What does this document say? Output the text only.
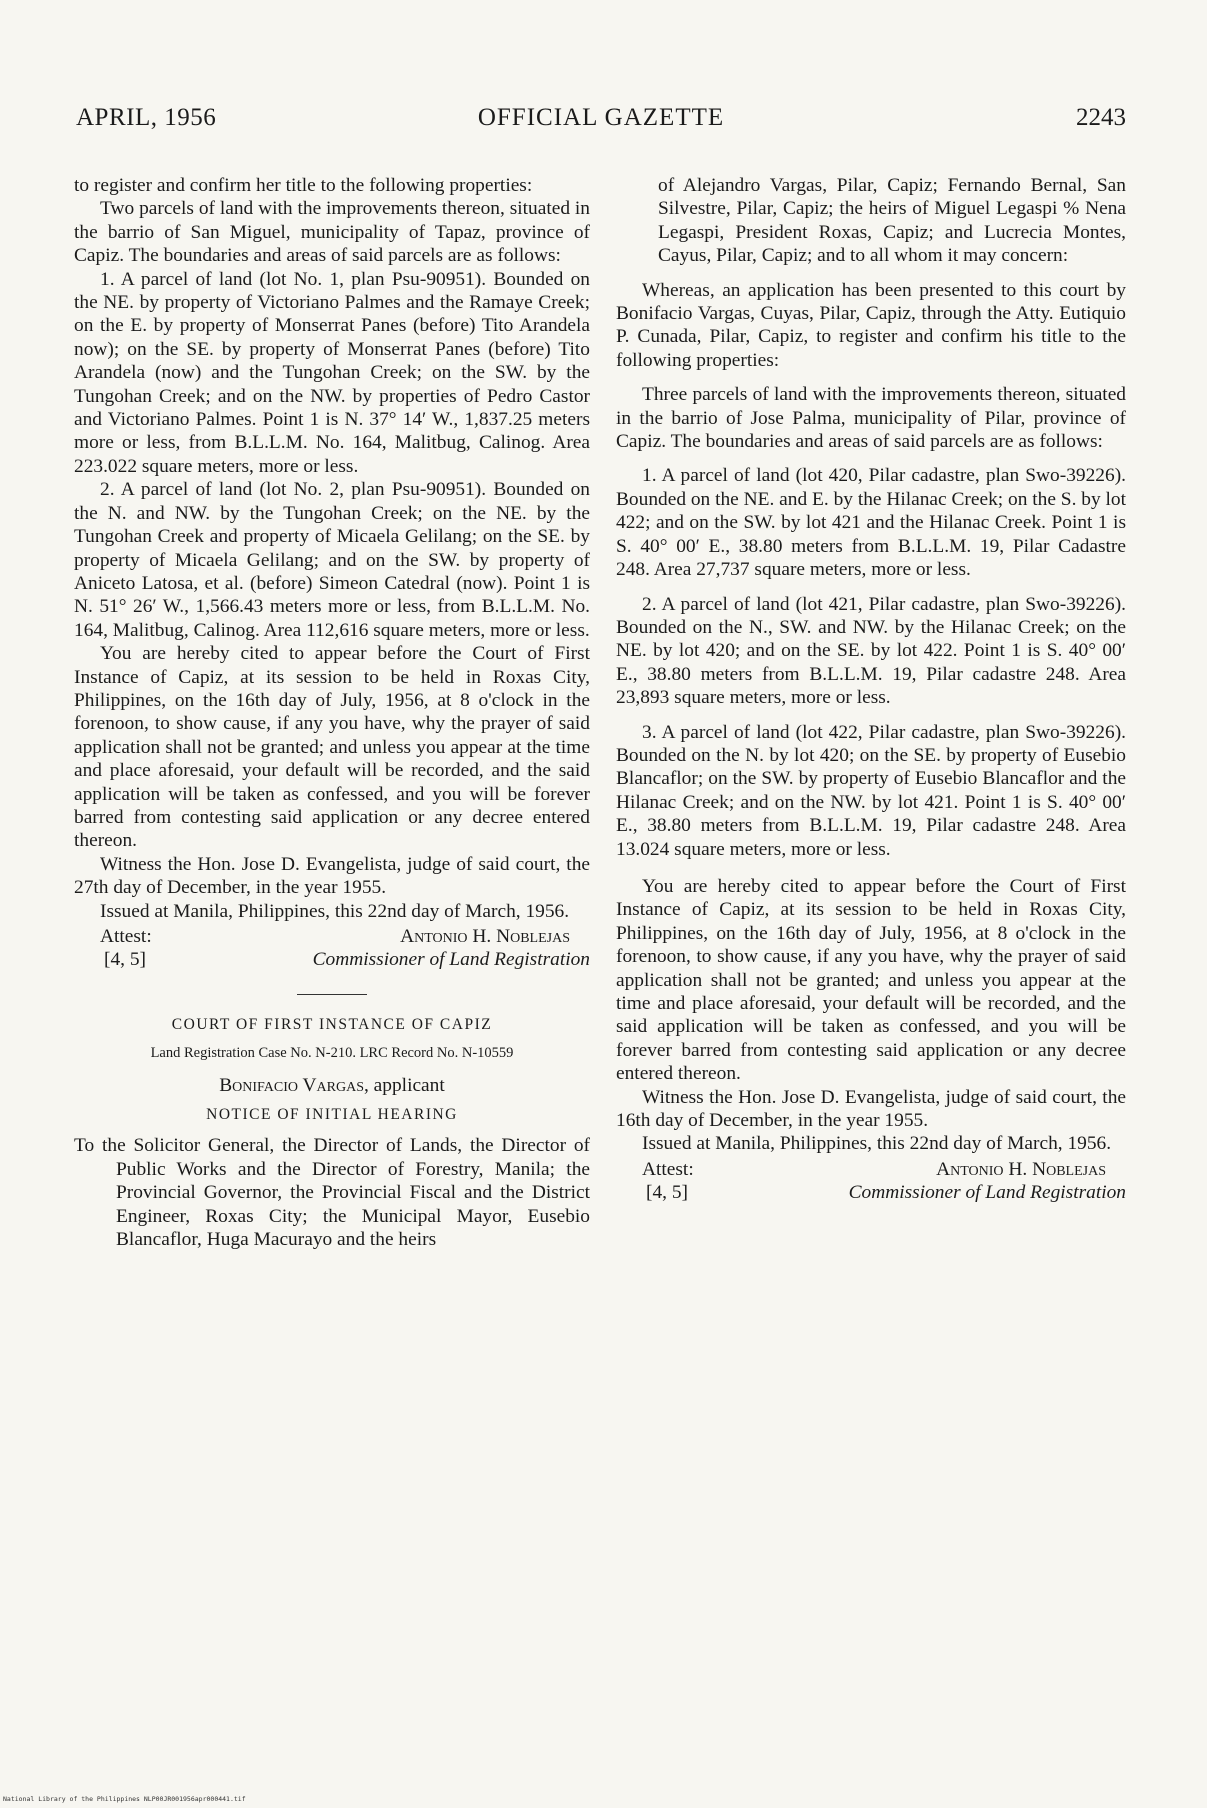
APRIL, 1956	OFFICIAL GAZETTE	2243

to register and confirm her title to the following properties:

Two parcels of land with the improvements thereon, situated in the barrio of San Miguel, municipality of Tapaz, province of Capiz. The boundaries and areas of said parcels are as follows:

1. A parcel of land (lot No. 1, plan Psu-90951). Bounded on the NE. by property of Victoriano Palmes and the Ramaye Creek; on the E. by property of Monserrat Panes (before) Tito Arandela now); on the SE. by property of Monserrat Panes (before) Tito Arandela (now) and the Tungohan Creek; on the SW. by the Tungohan Creek; and on the NW. by properties of Pedro Castor and Victoriano Palmes. Point 1 is N. 37° 14′ W., 1,837.25 meters more or less, from B.L.L.M. No. 164, Malitbug, Calinog. Area 223.022 square meters, more or less.

2. A parcel of land (lot No. 2, plan Psu-90951). Bounded on the N. and NW. by the Tungohan Creek; on the NE. by the Tungohan Creek and property of Micaela Gelilang; on the SE. by property of Micaela Gelilang; and on the SW. by property of Aniceto Latosa, et al. (before) Simeon Catedral (now). Point 1 is N. 51° 26′ W., 1,566.43 meters more or less, from B.L.L.M. No. 164, Malitbug, Calinog. Area 112,616 square meters, more or less.

You are hereby cited to appear before the Court of First Instance of Capiz, at its session to be held in Roxas City, Philippines, on the 16th day of July, 1956, at 8 o'clock in the forenoon, to show cause, if any you have, why the prayer of said application shall not be granted; and unless you appear at the time and place aforesaid, your default will be recorded, and the said application will be taken as confessed, and you will be forever barred from contesting said application or any decree entered thereon.

Witness the Hon. Jose D. Evangelista, judge of said court, the 27th day of December, in the year 1955.

Issued at Manila, Philippines, this 22nd day of March, 1956.

Attest:	Antonio H. Noblejas
[4, 5]	Commissioner of Land Registration
COURT OF FIRST INSTANCE OF CAPIZ
Land Registration Case No. N-210. LRC Record No. N-10559
Bonifacio Vargas, applicant
NOTICE OF INITIAL HEARING

To the Solicitor General, the Director of Lands, the Director of Public Works and the Director of Forestry, Manila; the Provincial Governor, the Provincial Fiscal and the District Engineer, Roxas City; the Municipal Mayor, Eusebio Blancaflor, Huga Macurayo and the heirs

of Alejandro Vargas, Pilar, Capiz; Fernando Bernal, San Silvestre, Pilar, Capiz; the heirs of Miguel Legaspi % Nena Legaspi, President Roxas, Capiz; and Lucrecia Montes, Cayus, Pilar, Capiz; and to all whom it may concern:

Whereas, an application has been presented to this court by Bonifacio Vargas, Cuyas, Pilar, Capiz, through the Atty. Eutiquio P. Cunada, Pilar, Capiz, to register and confirm his title to the following properties:

Three parcels of land with the improvements thereon, situated in the barrio of Jose Palma, municipality of Pilar, province of Capiz. The boundaries and areas of said parcels are as follows:

1. A parcel of land (lot 420, Pilar cadastre, plan Swo-39226). Bounded on the NE. and E. by the Hilanac Creek; on the S. by lot 422; and on the SW. by lot 421 and the Hilanac Creek. Point 1 is S. 40° 00′ E., 38.80 meters from B.L.L.M. 19, Pilar Cadastre 248. Area 27,737 square meters, more or less.

2. A parcel of land (lot 421, Pilar cadastre, plan Swo-39226). Bounded on the N., SW. and NW. by the Hilanac Creek; on the NE. by lot 420; and on the SE. by lot 422. Point 1 is S. 40° 00′ E., 38.80 meters from B.L.L.M. 19, Pilar cadastre 248. Area 23,893 square meters, more or less.

3. A parcel of land (lot 422, Pilar cadastre, plan Swo-39226). Bounded on the N. by lot 420; on the SE. by property of Eusebio Blancaflor; on the SW. by property of Eusebio Blancaflor and the Hilanac Creek; and on the NW. by lot 421. Point 1 is S. 40° 00′ E., 38.80 meters from B.L.L.M. 19, Pilar cadastre 248. Area 13.024 square meters, more or less.

You are hereby cited to appear before the Court of First Instance of Capiz, at its session to be held in Roxas City, Philippines, on the 16th day of July, 1956, at 8 o'clock in the forenoon, to show cause, if any you have, why the prayer of said application shall not be granted; and unless you appear at the time and place aforesaid, your default will be recorded, and the said application will be taken as confessed, and you will be forever barred from contesting said application or any decree entered thereon.

Witness the Hon. Jose D. Evangelista, judge of said court, the 16th day of December, in the year 1955.

Issued at Manila, Philippines, this 22nd day of March, 1956.

Attest:	Antonio H. Noblejas
[4, 5]	Commissioner of Land Registration
National Library of the Philippines NLP00JR001956apr000441.tif
